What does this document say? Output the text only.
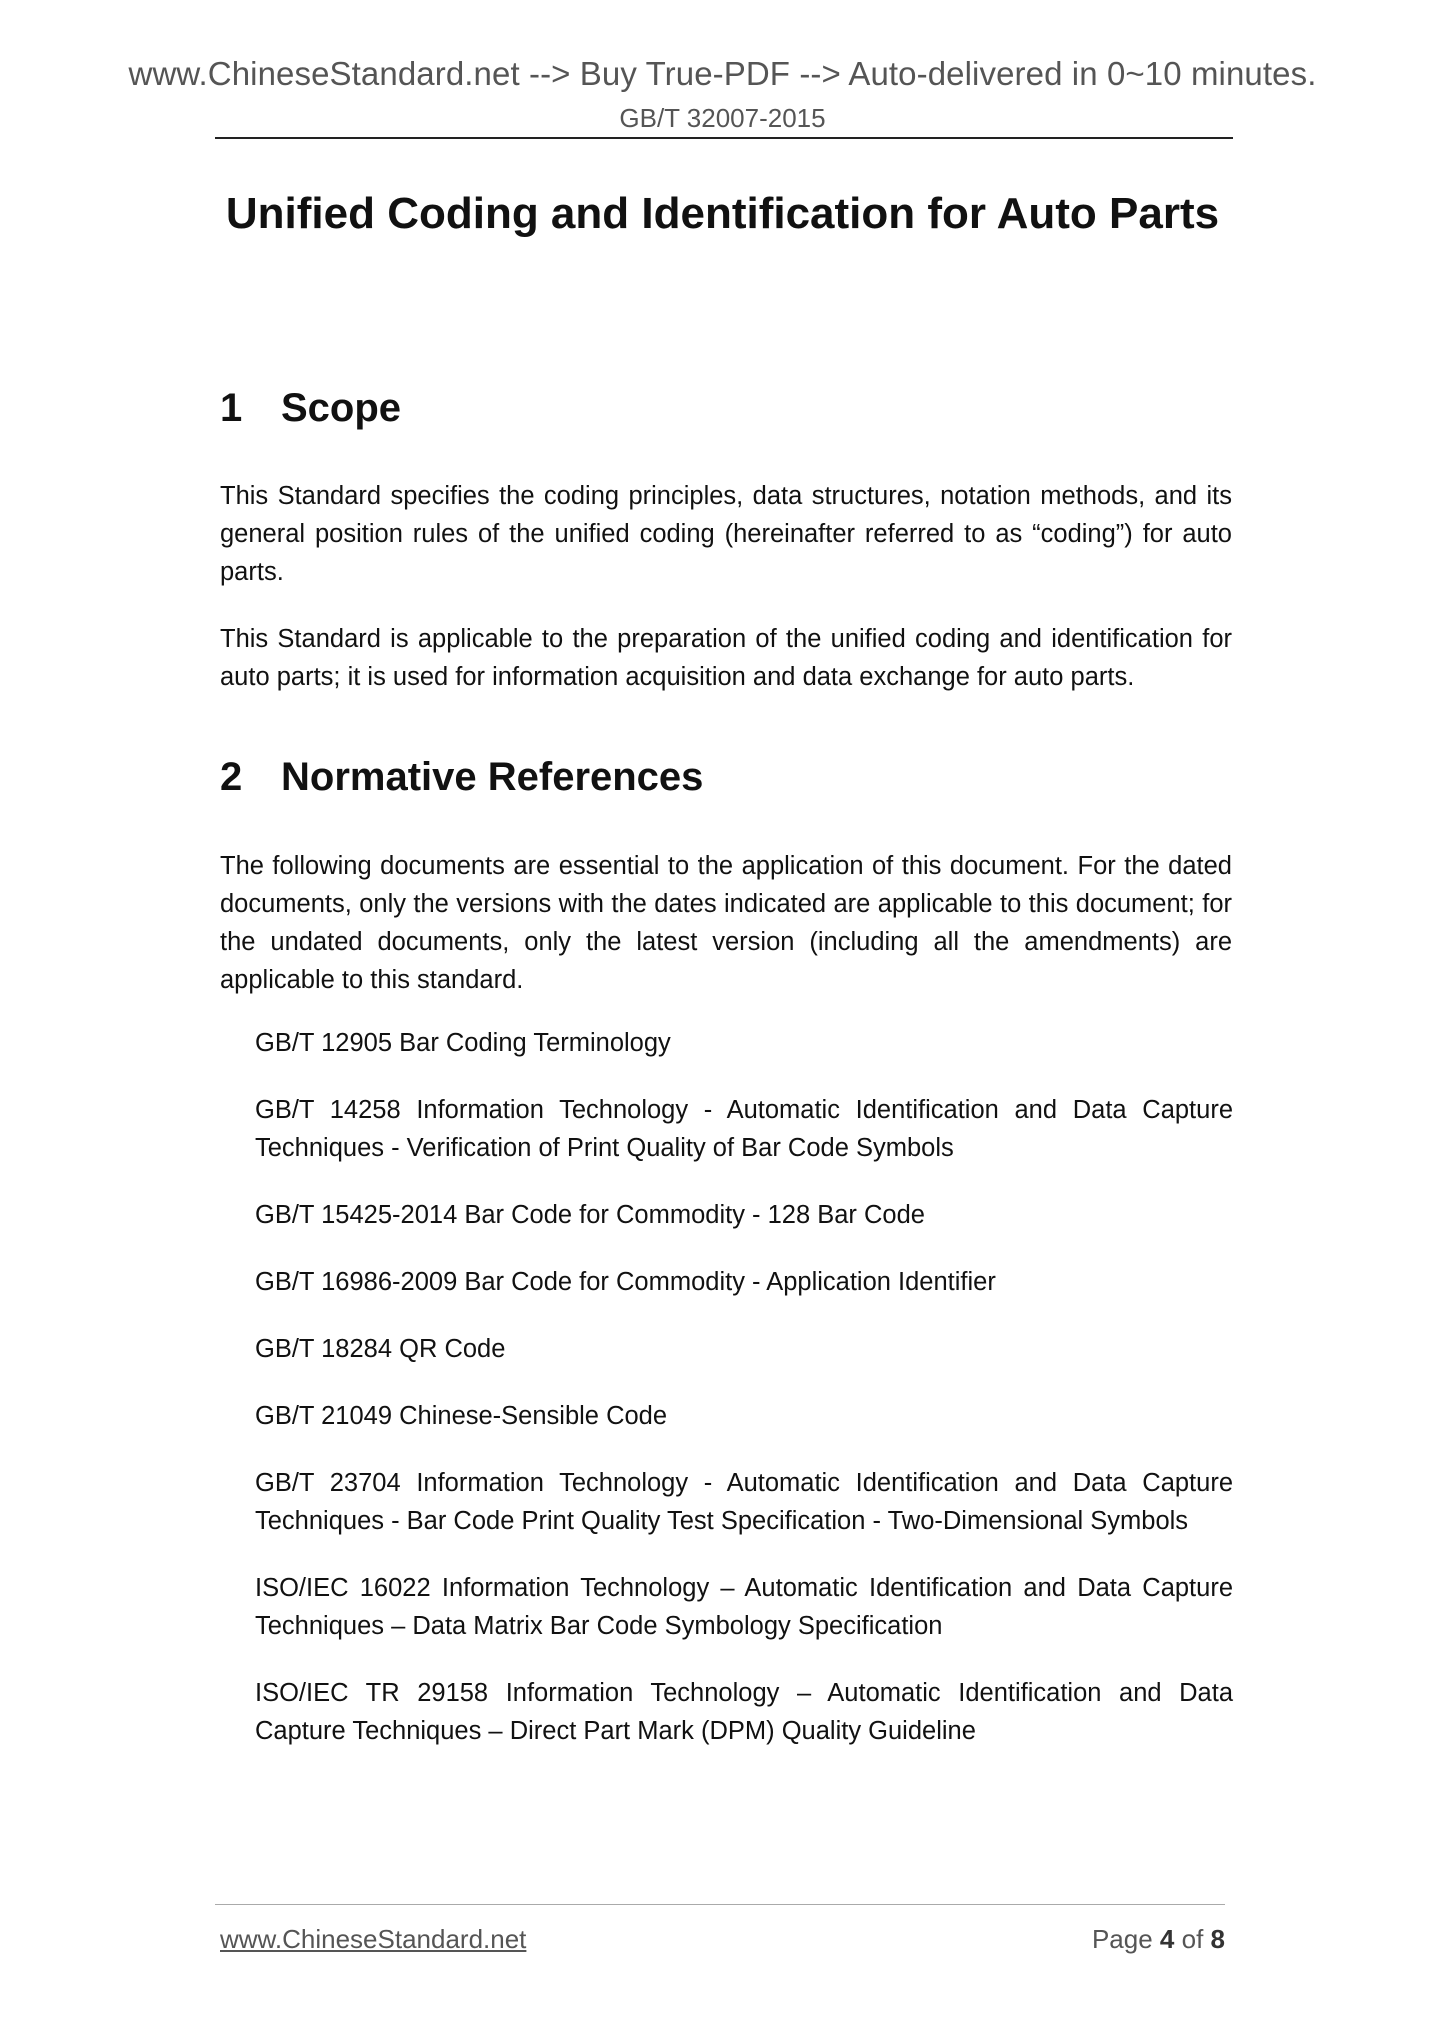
www.ChineseStandard.net --> Buy True-PDF --> Auto-delivered in 0~10 minutes.
GB/T 32007-2015
Unified Coding and Identification for Auto Parts
1 Scope

This Standard specifies the coding principles, data structures, notation methods, and its general position rules of the unified coding (hereinafter referred to as “coding”) for auto parts.

This Standard is applicable to the preparation of the unified coding and identification for auto parts; it is used for information acquisition and data exchange for auto parts.

2 Normative References

The following documents are essential to the application of this document. For the dated documents, only the versions with the dates indicated are applicable to this document; for the undated documents, only the latest version (including all the amendments) are applicable to this standard.

GB/T 12905 Bar Coding Terminology
GB/T 14258 Information Technology - Automatic Identification and Data Capture Techniques - Verification of Print Quality of Bar Code Symbols
GB/T 15425-2014 Bar Code for Commodity - 128 Bar Code
GB/T 16986-2009 Bar Code for Commodity - Application Identifier
GB/T 18284 QR Code
GB/T 21049 Chinese-Sensible Code
GB/T 23704 Information Technology - Automatic Identification and Data Capture Techniques - Bar Code Print Quality Test Specification - Two-Dimensional Symbols
ISO/IEC 16022 Information Technology – Automatic Identification and Data Capture Techniques – Data Matrix Bar Code Symbology Specification
ISO/IEC TR 29158 Information Technology – Automatic Identification and Data Capture Techniques – Direct Part Mark (DPM) Quality Guideline
www.ChineseStandard.net	Page 4 of 8
